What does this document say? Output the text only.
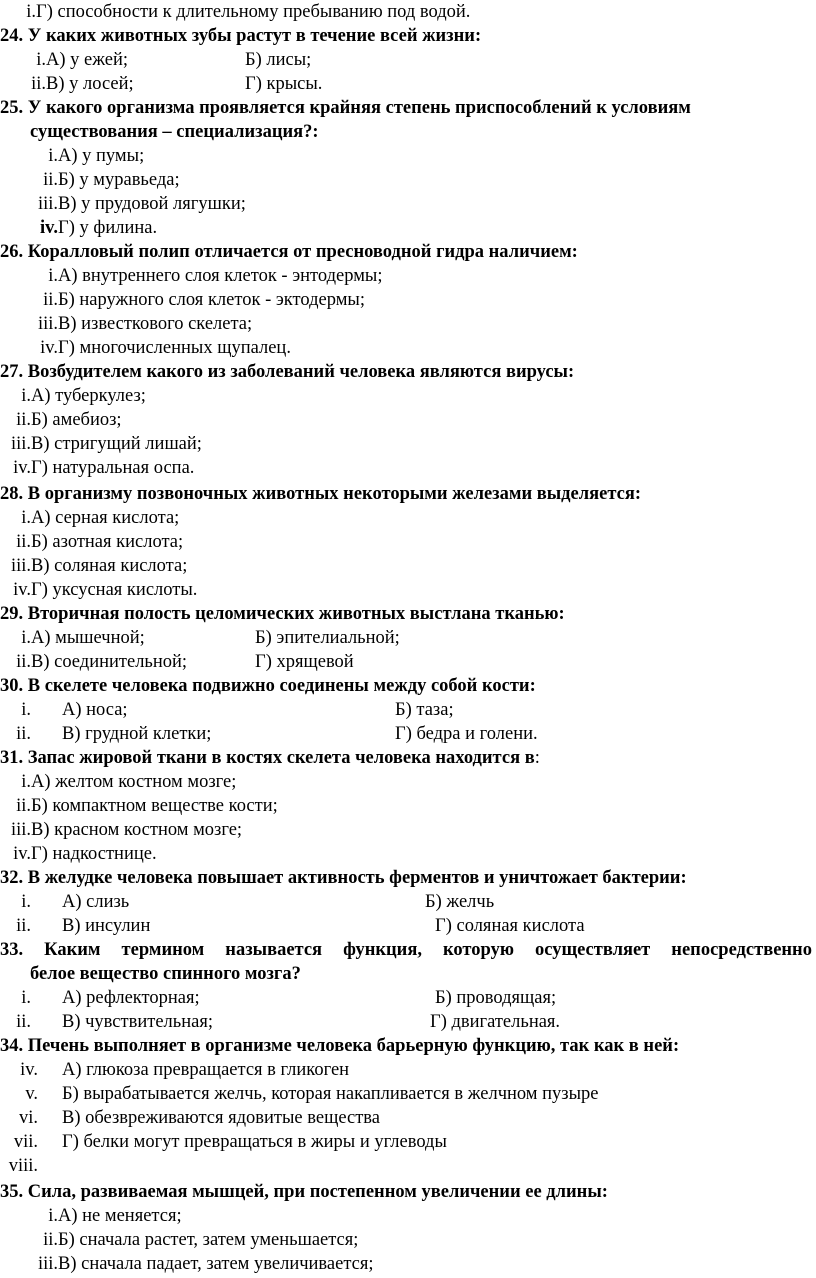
i.Г) способности к длительному пребыванию под водой.
24. У каких животных зубы растут в течение всей жизни:
i.А) у ежей;	Б) лисы;
ii.В) у лосей;	Г) крысы.
25. У какого организма проявляется крайняя степень приспособлений к условиям
существования – специализация?:
i.А) у пумы;
ii.Б) у муравьеда;
iii.В) у прудовой лягушки;
iv.Г) у филина.
26. Коралловый полип отличается от пресноводной гидра наличием:
i.А) внутреннего слоя клеток - энтодермы;
ii.Б) наружного слоя клеток - эктодермы;
iii.В) известкового скелета;
iv.Г) многочисленных щупалец.
27. Возбудителем какого из заболеваний человека являются вирусы:
i.А) туберкулез;
ii.Б) амебиоз;
iii.В) стригущий лишай;
iv.Г) натуральная оспа.
28. В организму позвоночных животных некоторыми железами выделяется:
i.А) серная кислота;
ii.Б) азотная кислота;
iii.В) соляная кислота;
iv.Г) уксусная кислоты.
29. Вторичная полость целомических животных выстлана тканью:
i.А) мышечной;	Б) эпителиальной;
ii.В) соединительной;	Г) хрящевой
30. В скелете человека подвижно соединены между собой кости:
i. А) носа;	Б) таза;
ii. В) грудной клетки;	Г) бедра и голени.
31. Запас жировой ткани в костях скелета человека находится в:
i.А) желтом костном мозге;
ii.Б) компактном веществе кости;
iii.В) красном костном мозге;
iv.Г) надкостнице.
32. В желудке человека повышает активность ферментов и уничтожает бактерии:
i. А) слизь	Б) желчь
ii. В) инсулин	Г) соляная кислота
33. Каким термином называется функция, которую осуществляет непосредственно
белое вещество спинного мозга?
i. А) рефлекторная;	Б) проводящая;
ii. В) чувствительная;	Г) двигательная.
34. Печень выполняет в организме человека барьерную функцию, так как в ней:
iv. А) глюкоза превращается в гликоген
v. Б) вырабатывается желчь, которая накапливается в желчном пузыре
vi. В) обезвреживаются ядовитые вещества
vii. Г) белки могут превращаться в жиры и углеводы
viii.
35. Сила, развиваемая мышцей, при постепенном увеличении ее длины:
i.А) не меняется;
ii.Б) сначала растет, затем уменьшается;
iii.В) сначала падает, затем увеличивается;
